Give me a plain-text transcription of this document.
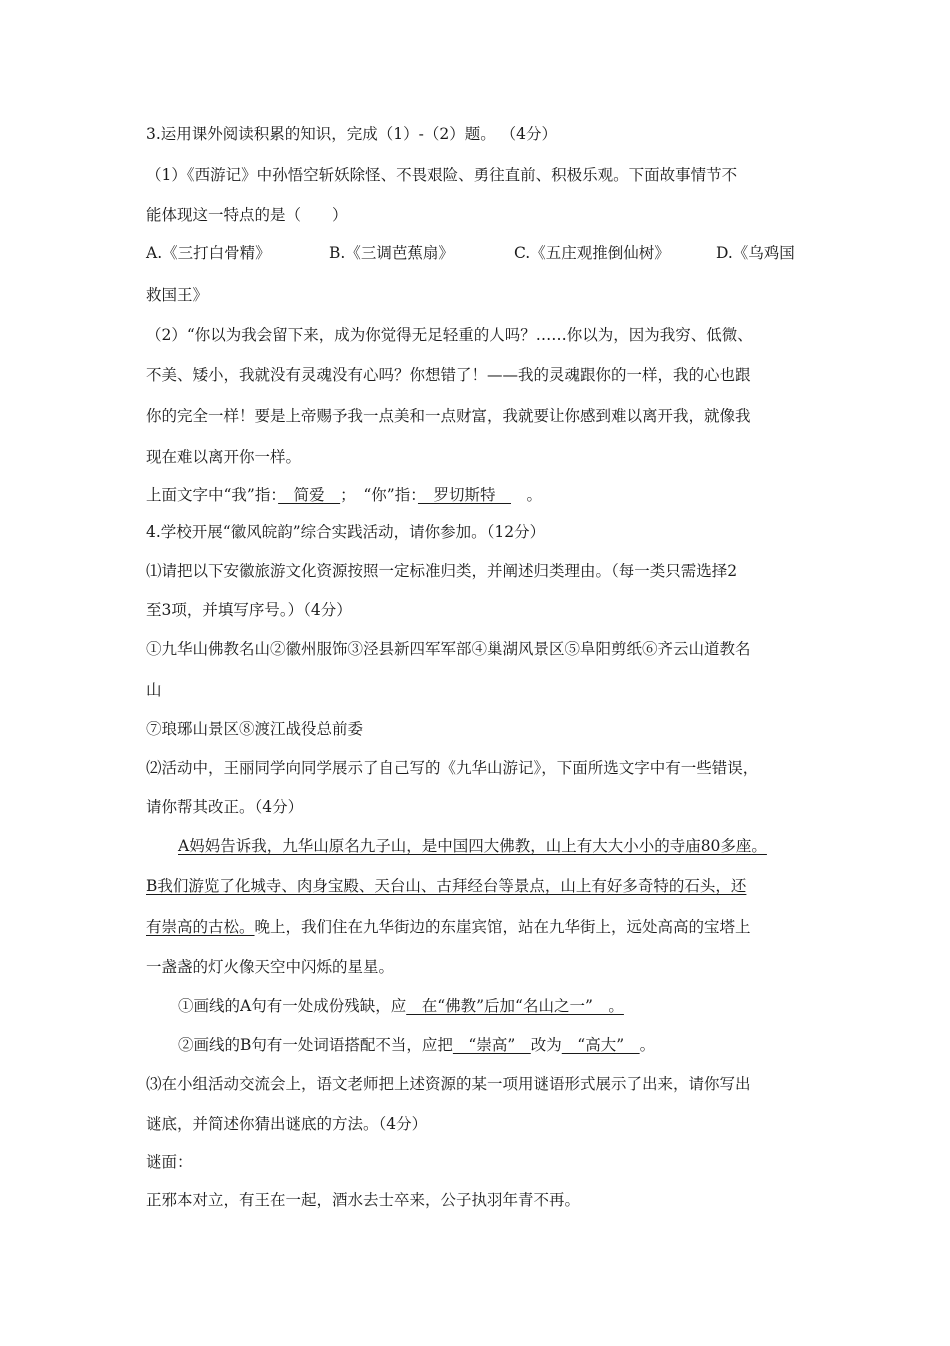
3.运用课外阅读积累的知识，完成（1）-（2）题。 （4分）
（1）《西游记》中孙悟空斩妖除怪、不畏艰险、勇往直前、积极乐观。下面故事情节不
能体现这一特点的是（　　）
A.《三打白骨精》	B.《三调芭蕉扇》	C.《五庄观推倒仙树》	D.《乌鸡国
救国王》
（2）“你以为我会留下来，成为你觉得无足轻重的人吗？……你以为，因为我穷、低微、
不美、矮小，我就没有灵魂没有心吗？你想错了！——我的灵魂跟你的一样，我的心也跟
你的完全一样！要是上帝赐予我一点美和一点财富，我就要让你感到难以离开我，就像我
现在难以离开你一样。
上面文字中“我”指：　简爱　；　“你”指：　罗切斯特　　。
4.学校开展“徽风皖韵”综合实践活动，请你参加。（12分）
⑴请把以下安徽旅游文化资源按照一定标准归类，并阐述归类理由。（每一类只需选择2
至3项，并填写序号。）（4分）
①九华山佛教名山②徽州服饰③泾县新四军军部④巢湖风景区⑤阜阳剪纸⑥齐云山道教名
山
⑦琅琊山景区⑧渡江战役总前委
⑵活动中，王丽同学向同学展示了自己写的《九华山游记》，下面所选文字中有一些错误，
请你帮其改正。（4分）
A妈妈告诉我，九华山原名九子山，是中国四大佛教，山上有大大小小的寺庙80多座。
B我们游览了化城寺、肉身宝殿、天台山、古拜经台等景点，山上有好多奇特的石头，还
有崇高的古松。晚上，我们住在九华街边的东崖宾馆，站在九华街上，远处高高的宝塔上
一盏盏的灯火像天空中闪烁的星星。
①画线的A句有一处成份残缺，应　在“佛教”后加“名山之一”　。
②画线的B句有一处词语搭配不当，应把　“崇高”　改为　“高大”　。
⑶在小组活动交流会上，语文老师把上述资源的某一项用谜语形式展示了出来，请你写出
谜底，并简述你猜出谜底的方法。（4分）
谜面：
正邪本对立，有王在一起，酒水去士卒来，公子执羽年青不再。
